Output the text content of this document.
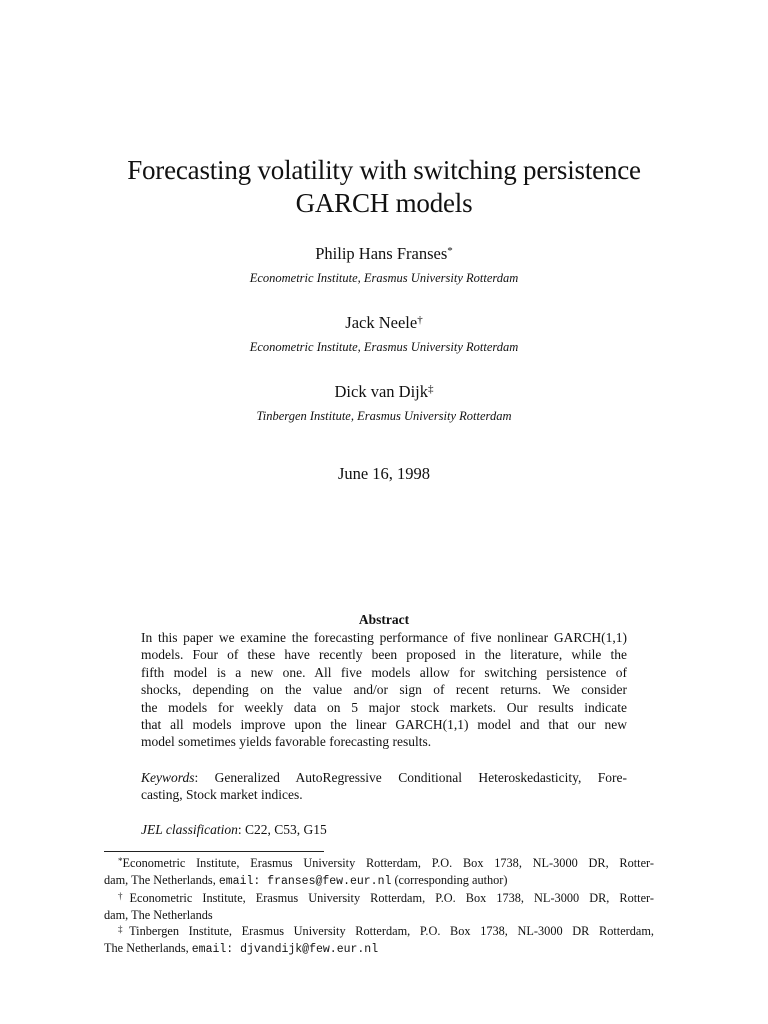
Forecasting volatility with switching persistence
GARCH models
Philip Hans Franses*
Econometric Institute, Erasmus University Rotterdam
Jack Neele†
Econometric Institute, Erasmus University Rotterdam
Dick van Dijk‡
Tinbergen Institute, Erasmus University Rotterdam
June 16, 1998
Abstract
In this paper we examine the forecasting performance of five nonlinear GARCH(1,1)
models. Four of these have recently been proposed in the literature, while the
fifth model is a new one. All five models allow for switching persistence of
shocks, depending on the value and/or sign of recent returns. We consider
the models for weekly data on 5 major stock markets. Our results indicate
that all models improve upon the linear GARCH(1,1) model and that our new
model sometimes yields favorable forecasting results.
Keywords: Generalized AutoRegressive Conditional Heteroskedasticity, Fore-
casting, Stock market indices.
JEL classification: C22, C53, G15
*Econometric Institute, Erasmus University Rotterdam, P.O. Box 1738, NL-3000 DR, Rotter-
dam, The Netherlands, email: franses@few.eur.nl (corresponding author)
†Econometric Institute, Erasmus University Rotterdam, P.O. Box 1738, NL-3000 DR, Rotter-
dam, The Netherlands
‡Tinbergen Institute, Erasmus University Rotterdam, P.O. Box 1738, NL-3000 DR Rotterdam,
The Netherlands, email: djvandijk@few.eur.nl
